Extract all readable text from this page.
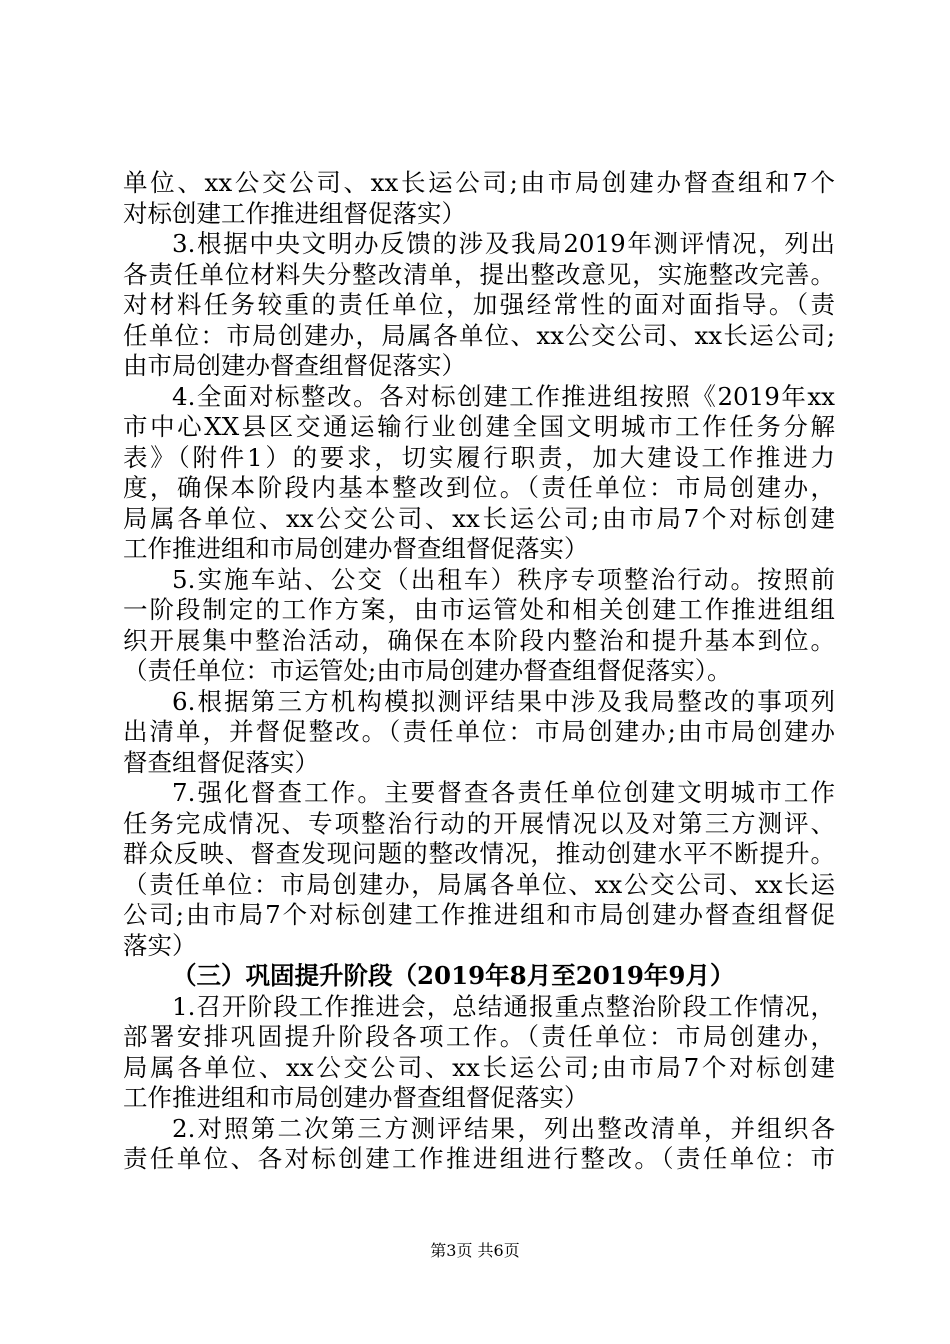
单位、xx公交公司、xx长运公司;由市局创建办督查组和7个
对标创建工作推进组督促落实）
3.根据中央文明办反馈的涉及我局2019年测评情况，列出
各责任单位材料失分整改清单，提出整改意见，实施整改完善。
对材料任务较重的责任单位，加强经常性的面对面指导。（责
任单位：市局创建办，局属各单位、xx公交公司、xx长运公司;
由市局创建办督查组督促落实）
4.全面对标整改。各对标创建工作推进组按照《2019年xx
市中心XX县区交通运输行业创建全国文明城市工作任务分解
表》（附件1）的要求，切实履行职责，加大建设工作推进力
度，确保本阶段内基本整改到位。（责任单位：市局创建办，
局属各单位、xx公交公司、xx长运公司;由市局7个对标创建
工作推进组和市局创建办督查组督促落实）
5.实施车站、公交（出租车）秩序专项整治行动。按照前
一阶段制定的工作方案，由市运管处和相关创建工作推进组组
织开展集中整治活动，确保在本阶段内整治和提升基本到位。
（责任单位：市运管处;由市局创建办督查组督促落实）。
6.根据第三方机构模拟测评结果中涉及我局整改的事项列
出清单，并督促整改。（责任单位：市局创建办;由市局创建办
督查组督促落实）
7.强化督查工作。主要督查各责任单位创建文明城市工作
任务完成情况、专项整治行动的开展情况以及对第三方测评、
群众反映、督查发现问题的整改情况，推动创建水平不断提升。
（责任单位：市局创建办，局属各单位、xx公交公司、xx长运
公司;由市局7个对标创建工作推进组和市局创建办督查组督促
落实）
（三）巩固提升阶段（2019年8月至2019年9月）
1.召开阶段工作推进会，总结通报重点整治阶段工作情况，
部署安排巩固提升阶段各项工作。（责任单位：市局创建办，
局属各单位、xx公交公司、xx长运公司;由市局7个对标创建
工作推进组和市局创建办督查组督促落实）
2.对照第二次第三方测评结果，列出整改清单，并组织各
责任单位、各对标创建工作推进组进行整改。（责任单位：市
第3页 共6页
